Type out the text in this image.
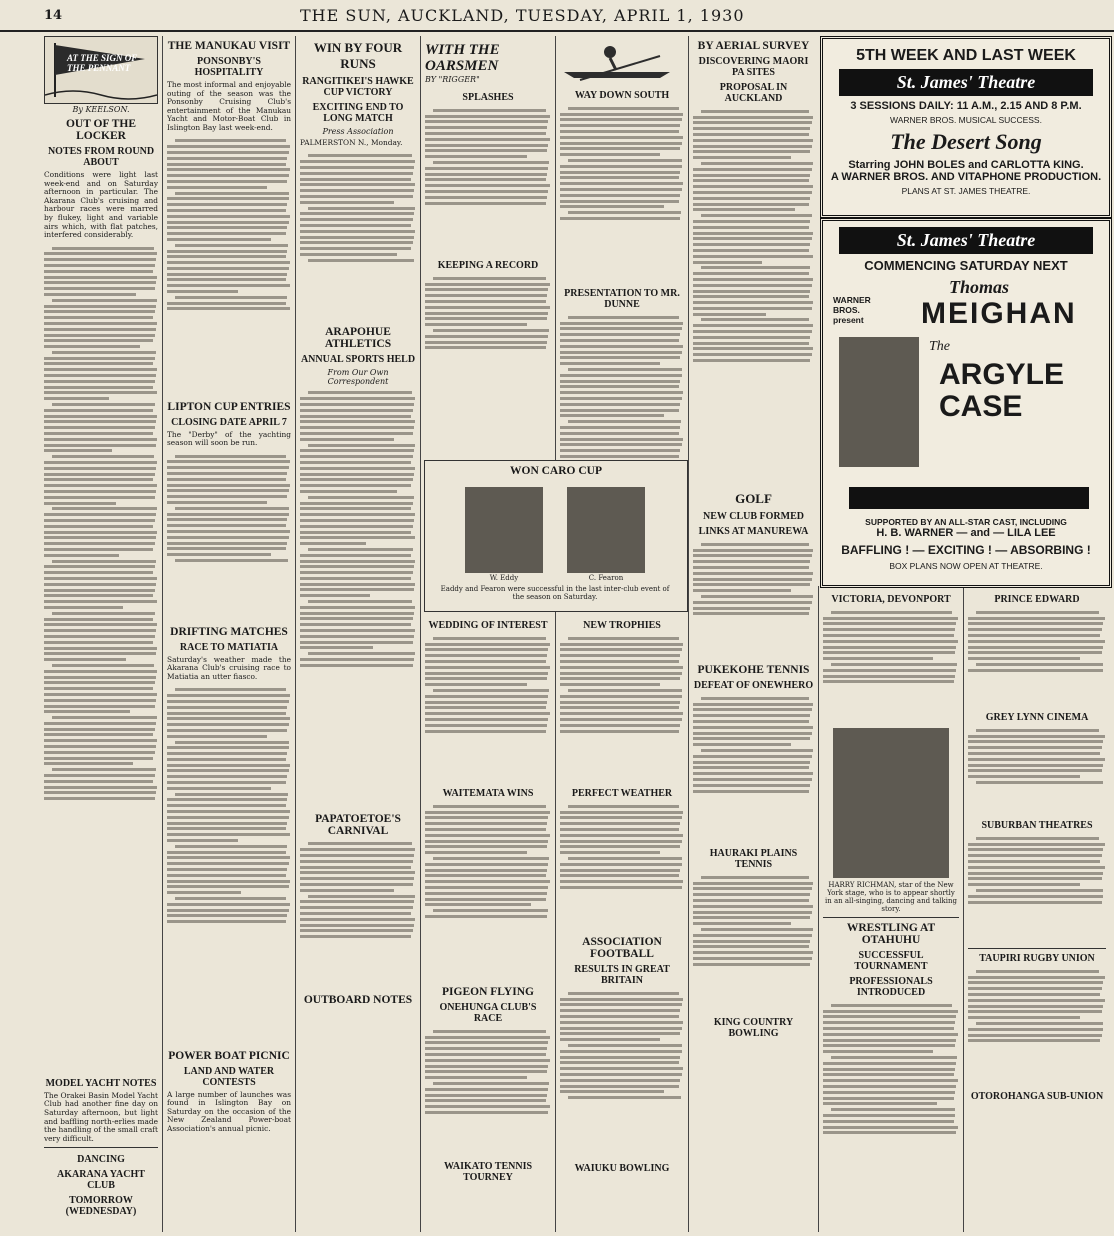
14	THE SUN, AUCKLAND, TUESDAY, APRIL 1, 1930
AT THE SIGN OF THE PENNANT
By KEELSON.
OUT OF THE LOCKER
NOTES FROM ROUND ABOUT
Conditions were light last week-end and on Saturday afternoon in particular. The Akarana Club's cruising and harbour races were marred by flukey, light and variable airs which, with flat patches, interfered considerably.
MODEL YACHT NOTES
The Orakei Basin Model Yacht Club had another fine day on Saturday afternoon, but light and baffling north-erlies made the handling of the small craft very difficult.
DANCING
AKARANA YACHT CLUB
TOMORROW (WEDNESDAY)
THE MANUKAU VISIT
PONSONBY'S HOSPITALITY
The most informal and enjoyable outing of the season was the Ponsonby Cruising Club's entertainment of the Manukau Yacht and Motor-Boat Club in Islington Bay last week-end.
LIPTON CUP ENTRIES
CLOSING DATE APRIL 7
The "Derby" of the yachting season will soon be run.
DRIFTING MATCHES
RACE TO MATIATIA
Saturday's weather made the Akarana Club's cruising race to Matiatia an utter fiasco.
POWER BOAT PICNIC
LAND AND WATER CONTESTS
A large number of launches was found in Islington Bay on Saturday on the occasion of the New Zealand Power-boat Association's annual picnic.
WIN BY FOUR RUNS
RANGITIKEI'S HAWKE CUP VICTORY
EXCITING END TO LONG MATCH
Press Association
PALMERSTON N., Monday.
ARAPOHUE ATHLETICS
ANNUAL SPORTS HELD
From Our Own Correspondent
PAPATOETOE'S CARNIVAL
OUTBOARD NOTES
WITH THE OARSMEN
BY "RIGGER"
SPLASHES
KEEPING A RECORD
WAY DOWN SOUTH
PRESENTATION TO MR. DUNNE
WON CARO CUP
W. Eddy	C. Fearon
Eaddy and Fearon were successful in the last inter-club event of the season on Saturday.
WEDDING OF INTEREST
WAITEMATA WINS
PIGEON FLYING
ONEHUNGA CLUB'S RACE
WAIKATO TENNIS TOURNEY
NEW TROPHIES
PERFECT WEATHER
ASSOCIATION FOOTBALL
RESULTS IN GREAT BRITAIN
WAIUKU BOWLING
BY AERIAL SURVEY
DISCOVERING MAORI PA SITES
PROPOSAL IN AUCKLAND
GOLF
NEW CLUB FORMED
LINKS AT MANUREWA
PUKEKOHE TENNIS
DEFEAT OF ONEWHERO
HAURAKI PLAINS TENNIS
KING COUNTRY BOWLING
5TH WEEK AND LAST WEEK
St. James' Theatre
3 SESSIONS DAILY: 11 A.M., 2.15 AND 8 P.M.
WARNER BROS. MUSICAL SUCCESS.
The Desert Song
Starring JOHN BOLES and CARLOTTA KING.
A WARNER BROS. AND VITAPHONE PRODUCTION.
PLANS AT ST. JAMES THEATRE.
St. James' Theatre
COMMENCING SATURDAY NEXT
WARNER BROS. present
Thomas
MEIGHAN
The
ARGYLE CASE
SUPPORTED BY AN ALL-STAR CAST, INCLUDING
H. B. WARNER — and — LILA LEE
BAFFLING ! — EXCITING ! — ABSORBING !
BOX PLANS NOW OPEN AT THEATRE.
VICTORIA, DEVONPORT
HARRY RICHMAN, star of the New York stage, who is to appear shortly in an all-singing, dancing and talking story.
WRESTLING AT OTAHUHU
SUCCESSFUL TOURNAMENT
PROFESSIONALS INTRODUCED
PRINCE EDWARD
GREY LYNN CINEMA
SUBURBAN THEATRES
TAUPIRI RUGBY UNION
OTOROHANGA SUB-UNION
